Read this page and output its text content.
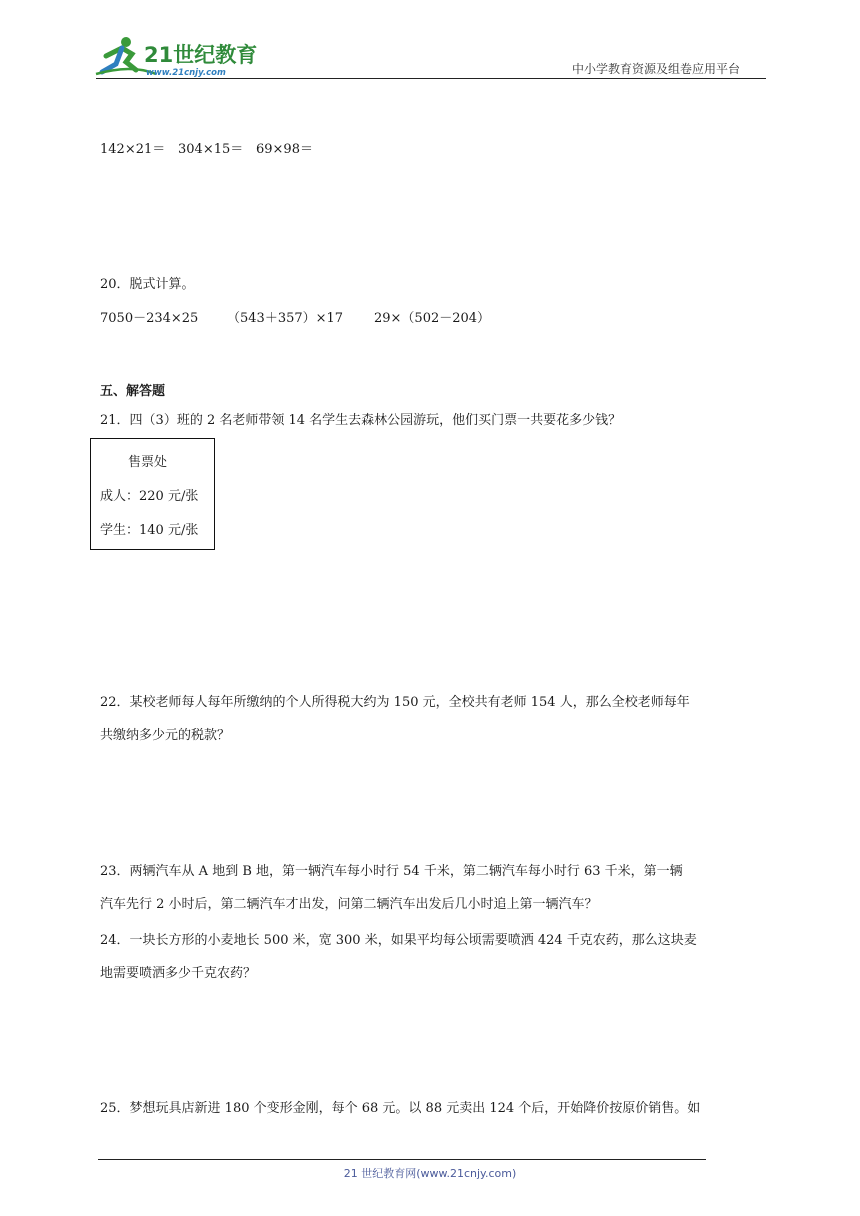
21世纪教育
www.21cnjy.com	中小学教育资源及组卷应用平台
142×21＝ 304×15＝ 69×98＝
20．脱式计算。
7050－234×25 （543＋357）×17 29×（502－204）
五、解答题
21．四（3）班的 2 名老师带领 14 名学生去森林公园游玩，他们买门票一共要花多少钱？
售票处
成人：220 元/张
学生：140 元/张
22．某校老师每人每年所缴纳的个人所得税大约为 150 元，全校共有老师 154 人，那么全校老师每年
共缴纳多少元的税款？
23．两辆汽车从 A 地到 B 地，第一辆汽车每小时行 54 千米，第二辆汽车每小时行 63 千米，第一辆
汽车先行 2 小时后，第二辆汽车才出发，问第二辆汽车出发后几小时追上第一辆汽车？
24．一块长方形的小麦地长 500 米，宽 300 米，如果平均每公顷需要喷洒 424 千克农药，那么这块麦
地需要喷洒多少千克农药？
25．梦想玩具店新进 180 个变形金刚，每个 68 元。以 88 元卖出 124 个后，开始降价按原价销售。如
21 世纪教育网(www.21cnjy.com)
